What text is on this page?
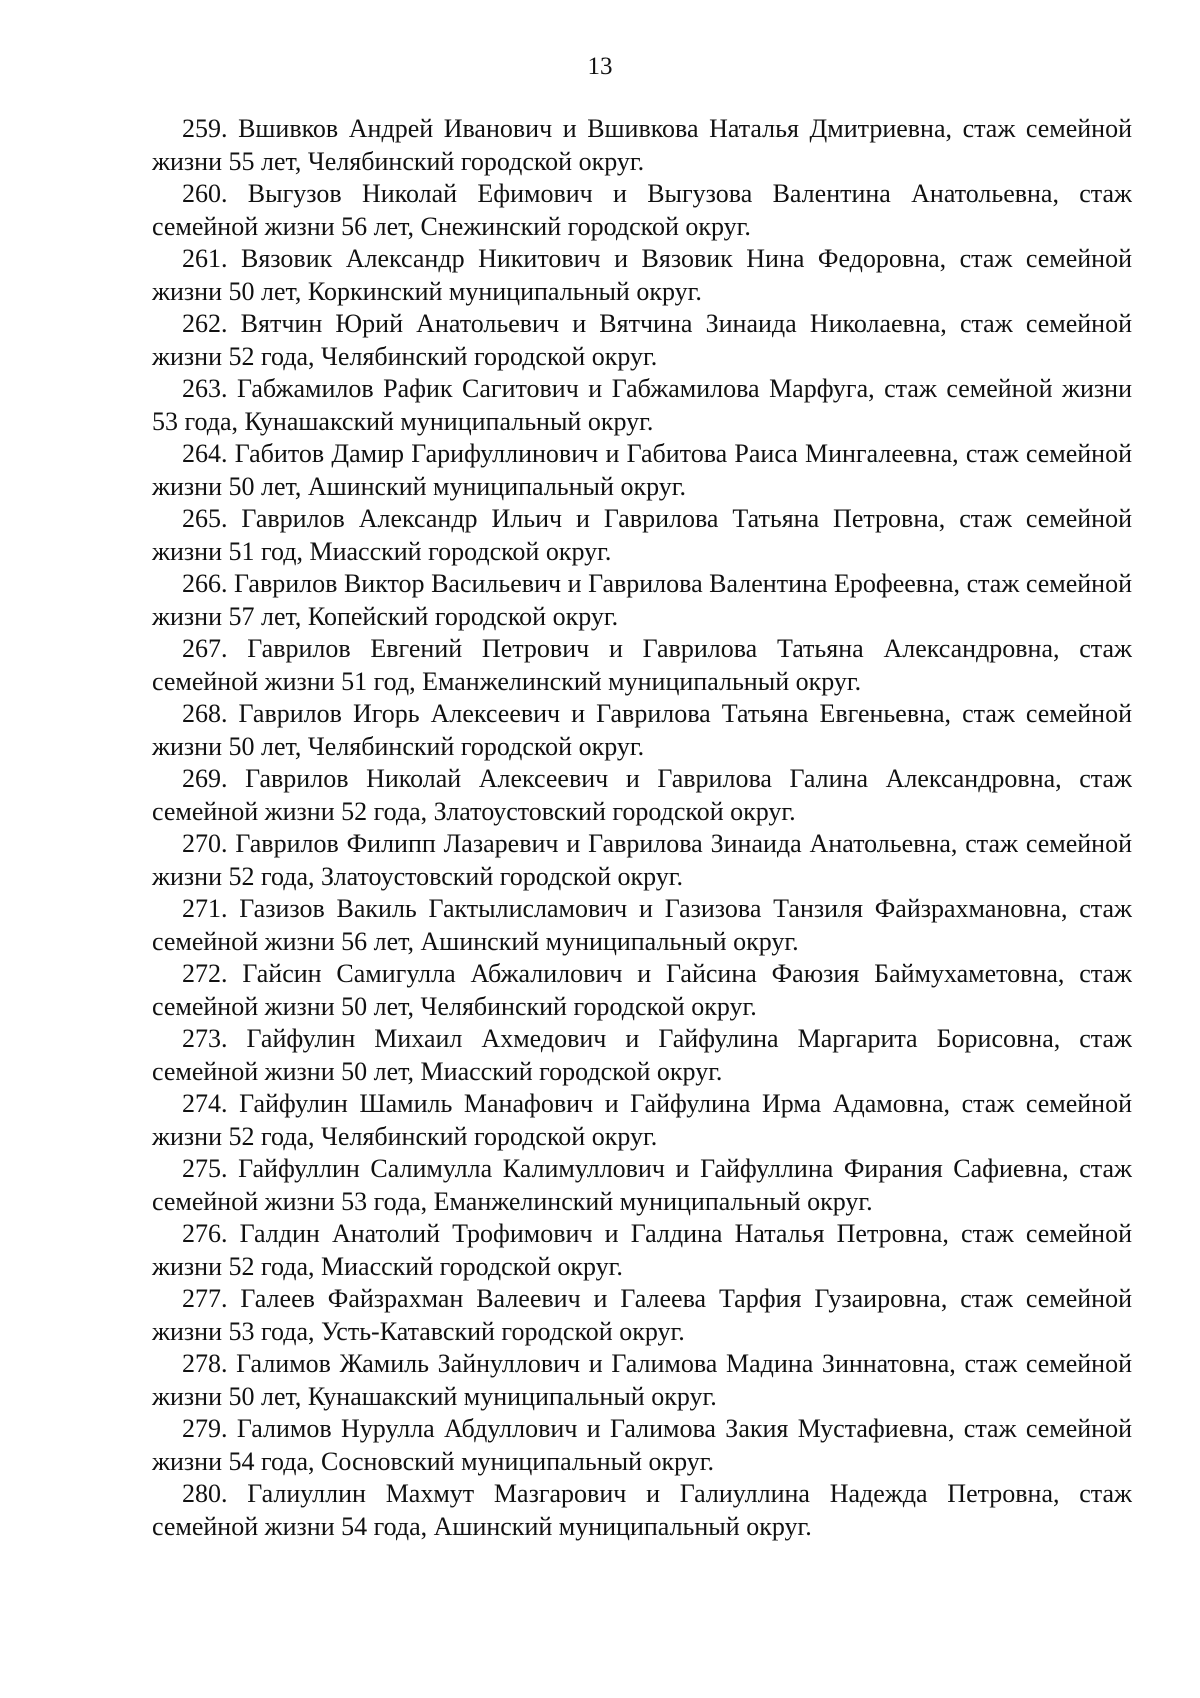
13

259. Вшивков Андрей Иванович и Вшивкова Наталья Дмитриевна, стаж семейной жизни 55 лет, Челябинский городской округ.

260. Выгузов Николай Ефимович и Выгузова Валентина Анатольевна, стаж семейной жизни 56 лет, Снежинский городской округ.

261. Вязовик Александр Никитович и Вязовик Нина Федоровна, стаж семейной жизни 50 лет, Коркинский муниципальный округ.

262. Вятчин Юрий Анатольевич и Вятчина Зинаида Николаевна, стаж семейной жизни 52 года, Челябинский городской округ.

263. Габжамилов Рафик Сагитович и Габжамилова Марфуга, стаж семейной жизни 53 года, Кунашакский муниципальный округ.

264. Габитов Дамир Гарифуллинович и Габитова Раиса Мингалеевна, стаж семейной жизни 50 лет, Ашинский муниципальный округ.

265. Гаврилов Александр Ильич и Гаврилова Татьяна Петровна, стаж семейной жизни 51 год, Миасский городской округ.

266. Гаврилов Виктор Васильевич и Гаврилова Валентина Ерофеевна, стаж семейной жизни 57 лет, Копейский городской округ.

267. Гаврилов Евгений Петрович и Гаврилова Татьяна Александровна, стаж семейной жизни 51 год, Еманжелинский муниципальный округ.

268. Гаврилов Игорь Алексеевич и Гаврилова Татьяна Евгеньевна, стаж семейной жизни 50 лет, Челябинский городской округ.

269. Гаврилов Николай Алексеевич и Гаврилова Галина Александровна, стаж семейной жизни 52 года, Златоустовский городской округ.

270. Гаврилов Филипп Лазаревич и Гаврилова Зинаида Анатольевна, стаж семейной жизни 52 года, Златоустовский городской округ.

271. Газизов Вакиль Гактылисламович и Газизова Танзиля Файзрахмановна, стаж семейной жизни 56 лет, Ашинский муниципальный округ.

272. Гайсин Самигулла Абжалилович и Гайсина Фаюзия Баймухаметовна, стаж семейной жизни 50 лет, Челябинский городской округ.

273. Гайфулин Михаил Ахмедович и Гайфулина Маргарита Борисовна, стаж семейной жизни 50 лет, Миасский городской округ.

274. Гайфулин Шамиль Манафович и Гайфулина Ирма Адамовна, стаж семейной жизни 52 года, Челябинский городской округ.

275. Гайфуллин Салимулла Калимуллович и Гайфуллина Фирания Сафиевна, стаж семейной жизни 53 года, Еманжелинский муниципальный округ.

276. Галдин Анатолий Трофимович и Галдина Наталья Петровна, стаж семейной жизни 52 года, Миасский городской округ.

277. Галеев Файзрахман Валеевич и Галеева Тарфия Гузаировна, стаж семейной жизни 53 года, Усть-Катавский городской округ.

278. Галимов Жамиль Зайнуллович и Галимова Мадина Зиннатовна, стаж семейной жизни 50 лет, Кунашакский муниципальный округ.

279. Галимов Нурулла Абдуллович и Галимова Закия Мустафиевна, стаж семейной жизни 54 года, Сосновский муниципальный округ.

280. Галиуллин Махмут Мазгарович и Галиуллина Надежда Петровна, стаж семейной жизни 54 года, Ашинский муниципальный округ.
